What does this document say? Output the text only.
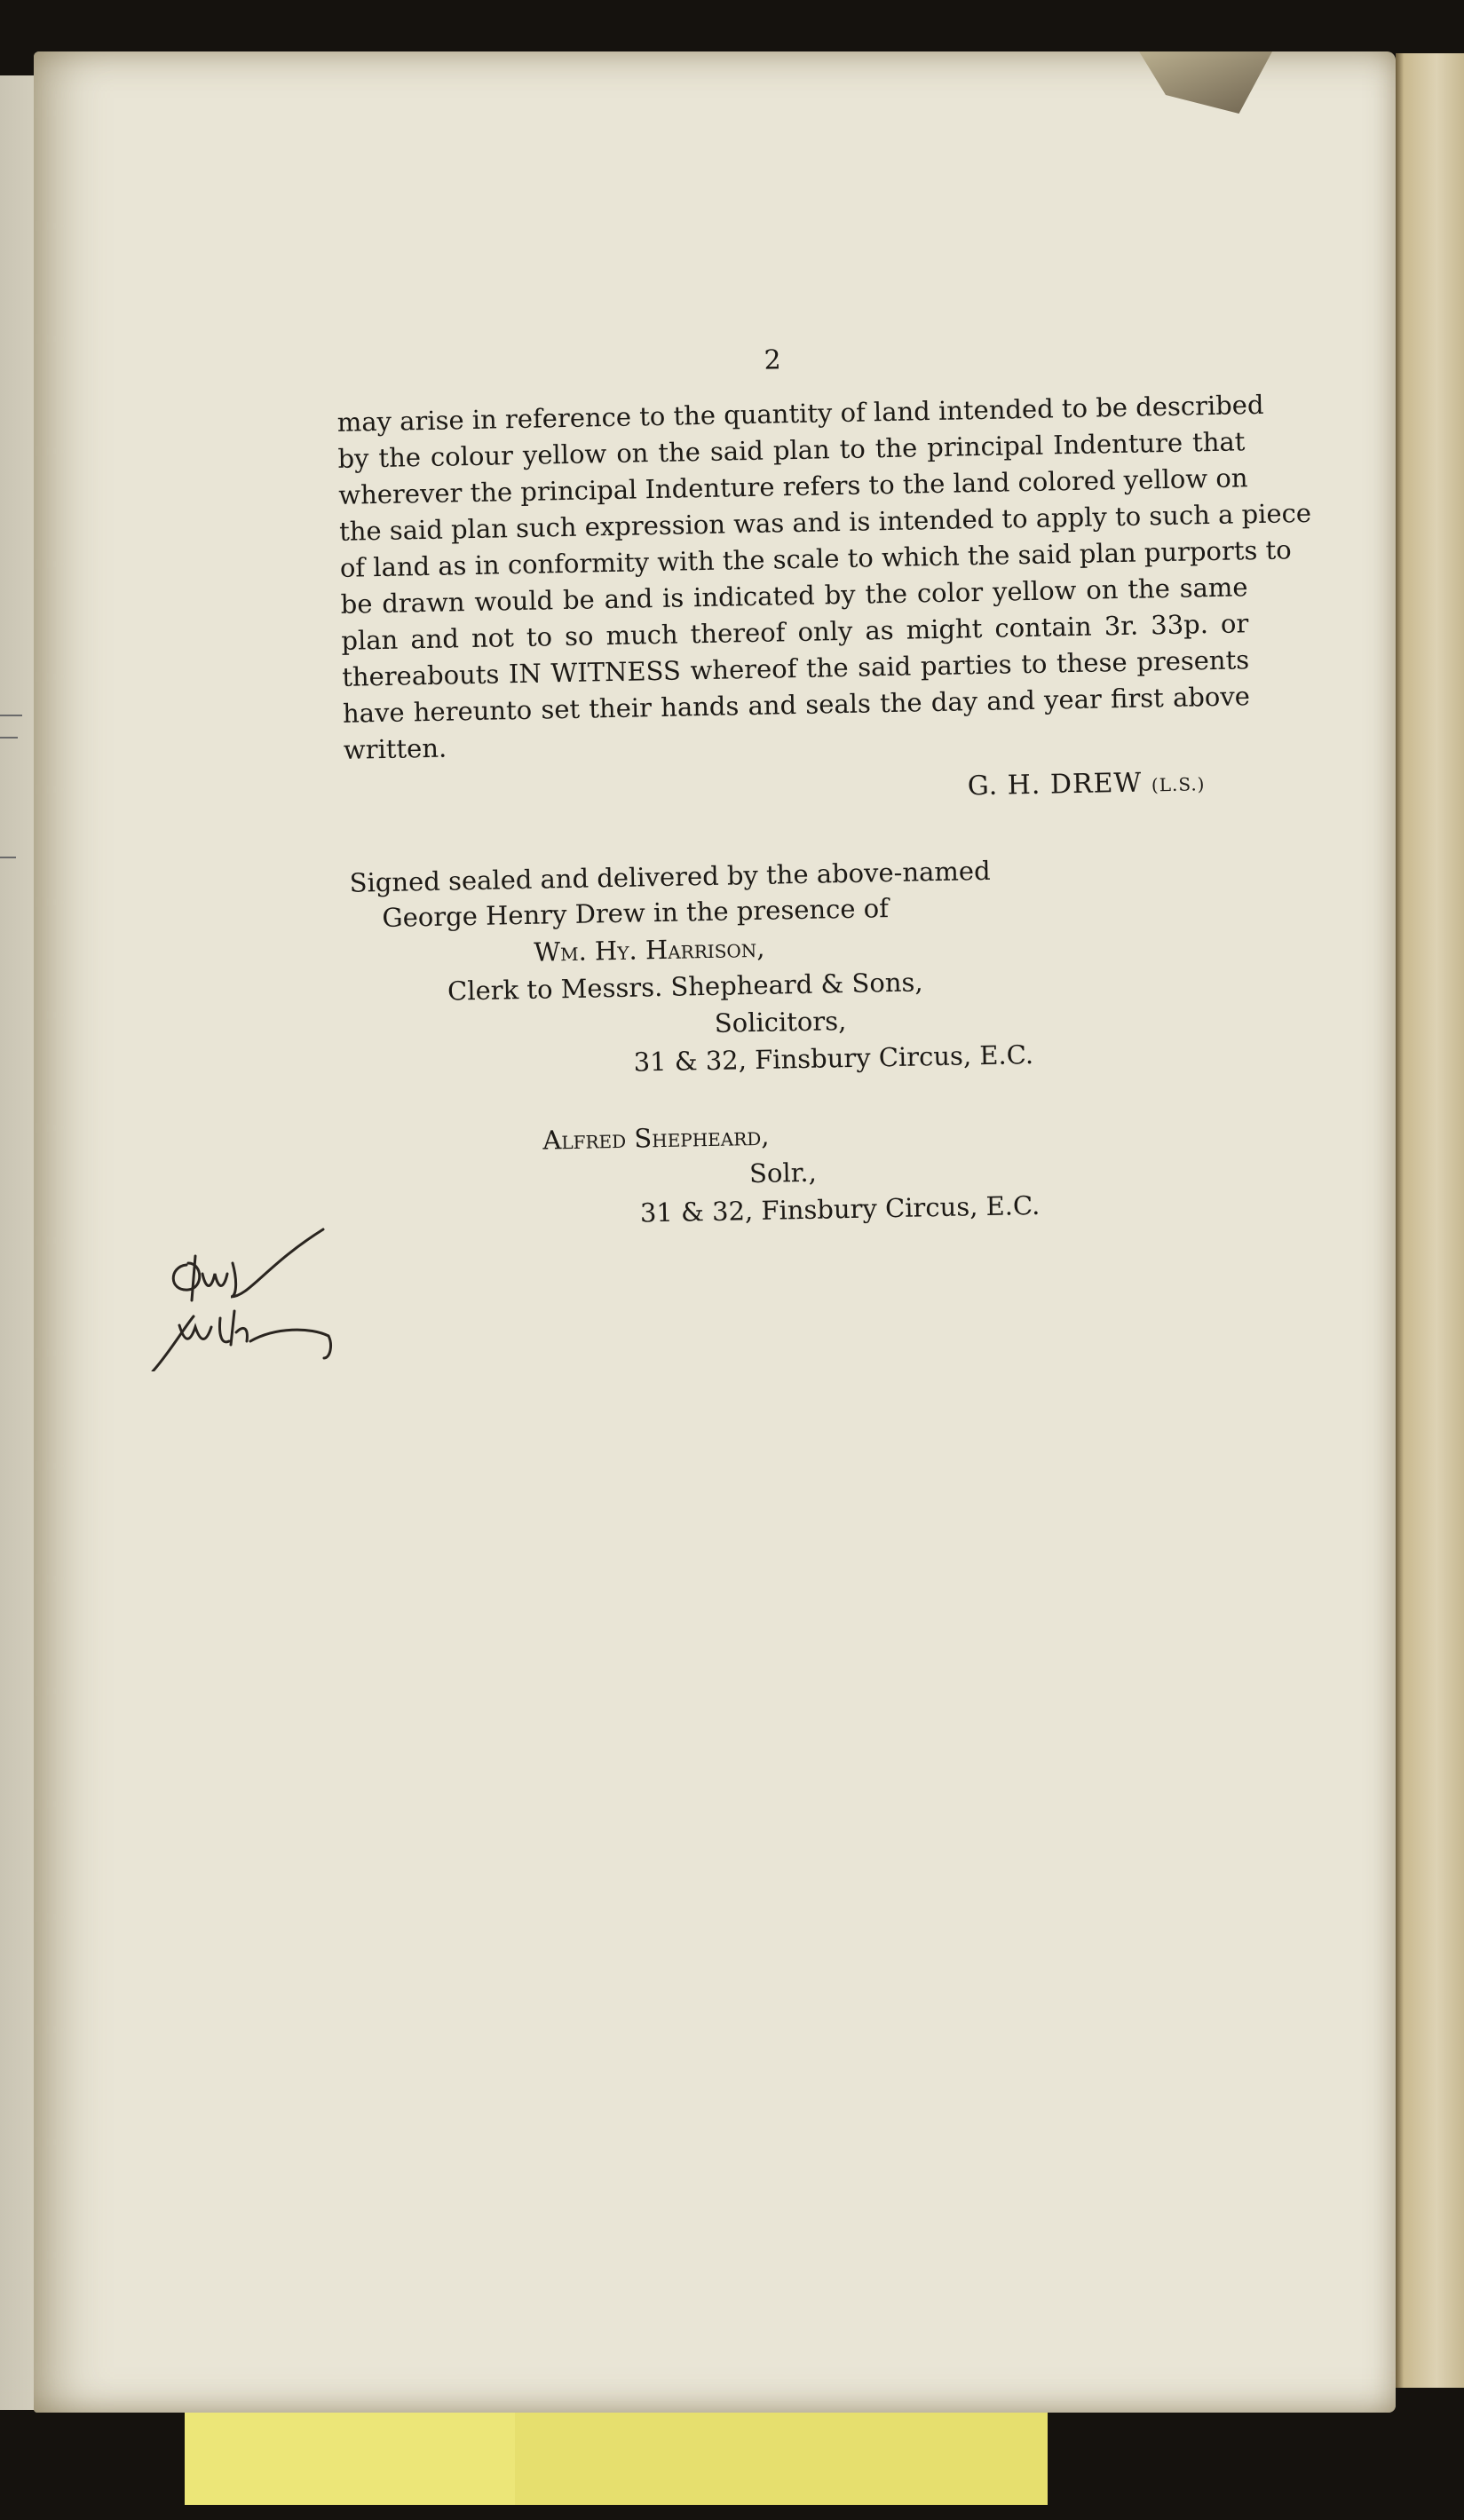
2
may arise in reference to the quantity of land intended to be described
by the colour yellow on the said plan to the principal Indenture that
wherever the principal Indenture refers to the land colored yellow on
the said plan such expression was and is intended to apply to such a piece
of land as in conformity with the scale to which the said plan purports to
be drawn would be and is indicated by the color yellow on the same
plan and not to so much thereof only as might contain 3r. 33p. or
thereabouts IN WITNESS whereof the said parties to these presents
have hereunto set their hands and seals the day and year first above
written.
G. H. DREW (L.S.)
Signed sealed and delivered by the above-named
George Henry Drew in the presence of
Wm. Hy. Harrison,
Clerk to Messrs. Shepheard & Sons,
Solicitors,
31 & 32, Finsbury Circus, E.C.
Alfred Shepheard,
Solr.,
31 & 32, Finsbury Circus, E.C.
